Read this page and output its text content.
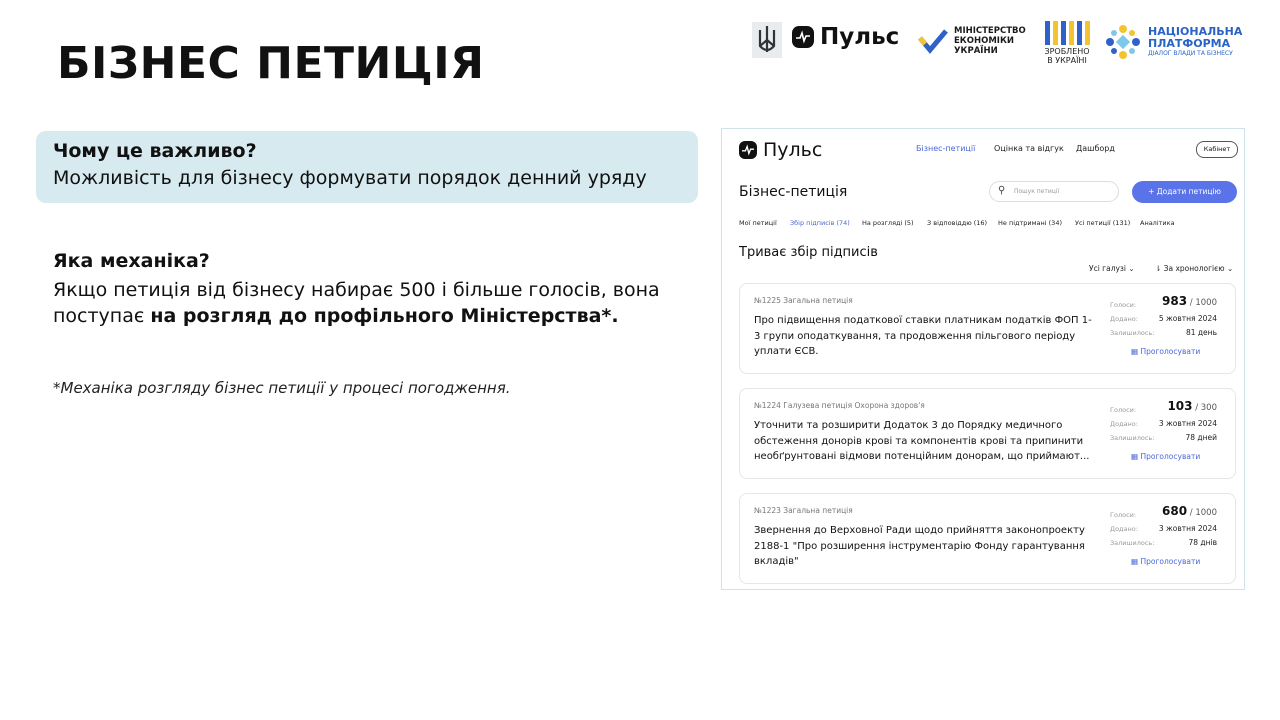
БІЗНЕС ПЕТИЦІЯ
Пульс	МІНІСТЕРСТВО
ЕКОНОМІКИ
УКРАЇНИ	ЗРОБЛЕНО
В УКРАЇНІ
НАЦІОНАЛЬНА
ПЛАТФОРМА
ДІАЛОГ ВЛАДИ ТА БІЗНЕСУ
Чому це важливо?
Можливість для бізнесу формувати порядок денний уряду
Яка механіка?
Якщо петиція від бізнесу набирає 500 і більше голосів, вона поступає на розгляд до профільного Міністерства*.
*Механіка розгляду бізнес петиції у процесі погодження.
Пульс	Бізнес-петиції Оцінка та відгук Дашборд	Кабінет
Бізнес-петиція	⚲ Пошук петиції	+ Додати петицію
Мої петиції Збір підписів (74) На розгляді (5) З відповіддю (16) Не підтримані (34) Усі петиції (131) Аналітика
Триває збір підписів
Усі галузі ⌄	⇂ За хронологією ⌄
№1225 Загальна петиція
Про підвищення податкової ставки платникам податків ФОП 1-3 групи оподаткування, та продовження пільгового періоду уплати ЄСВ.
Голоси: 983 / 1000
Додано:	5 жовтня 2024
Залишилось:	81 день
▦ Проголосувати
№1224 Галузева петиція Охорона здоров'я
Уточнити та розширити Додаток 3 до Порядку медичного обстеження донорів крові та компонентів крові та припинити необґрунтовані відмови потенційним донорам, що приймают...
Голоси:	103 / 300
Додано:	3 жовтня 2024
Залишилось:	78 дней
▦ Проголосувати
№1223 Загальна петиція
Звернення до Верховної Ради щодо прийняття законопроекту 2188-1 "Про розширення інструментарію Фонду гарантування вкладів"
Голоси: 680 / 1000
Додано:	3 жовтня 2024
Залишилось:	78 днів
▦ Проголосувати
